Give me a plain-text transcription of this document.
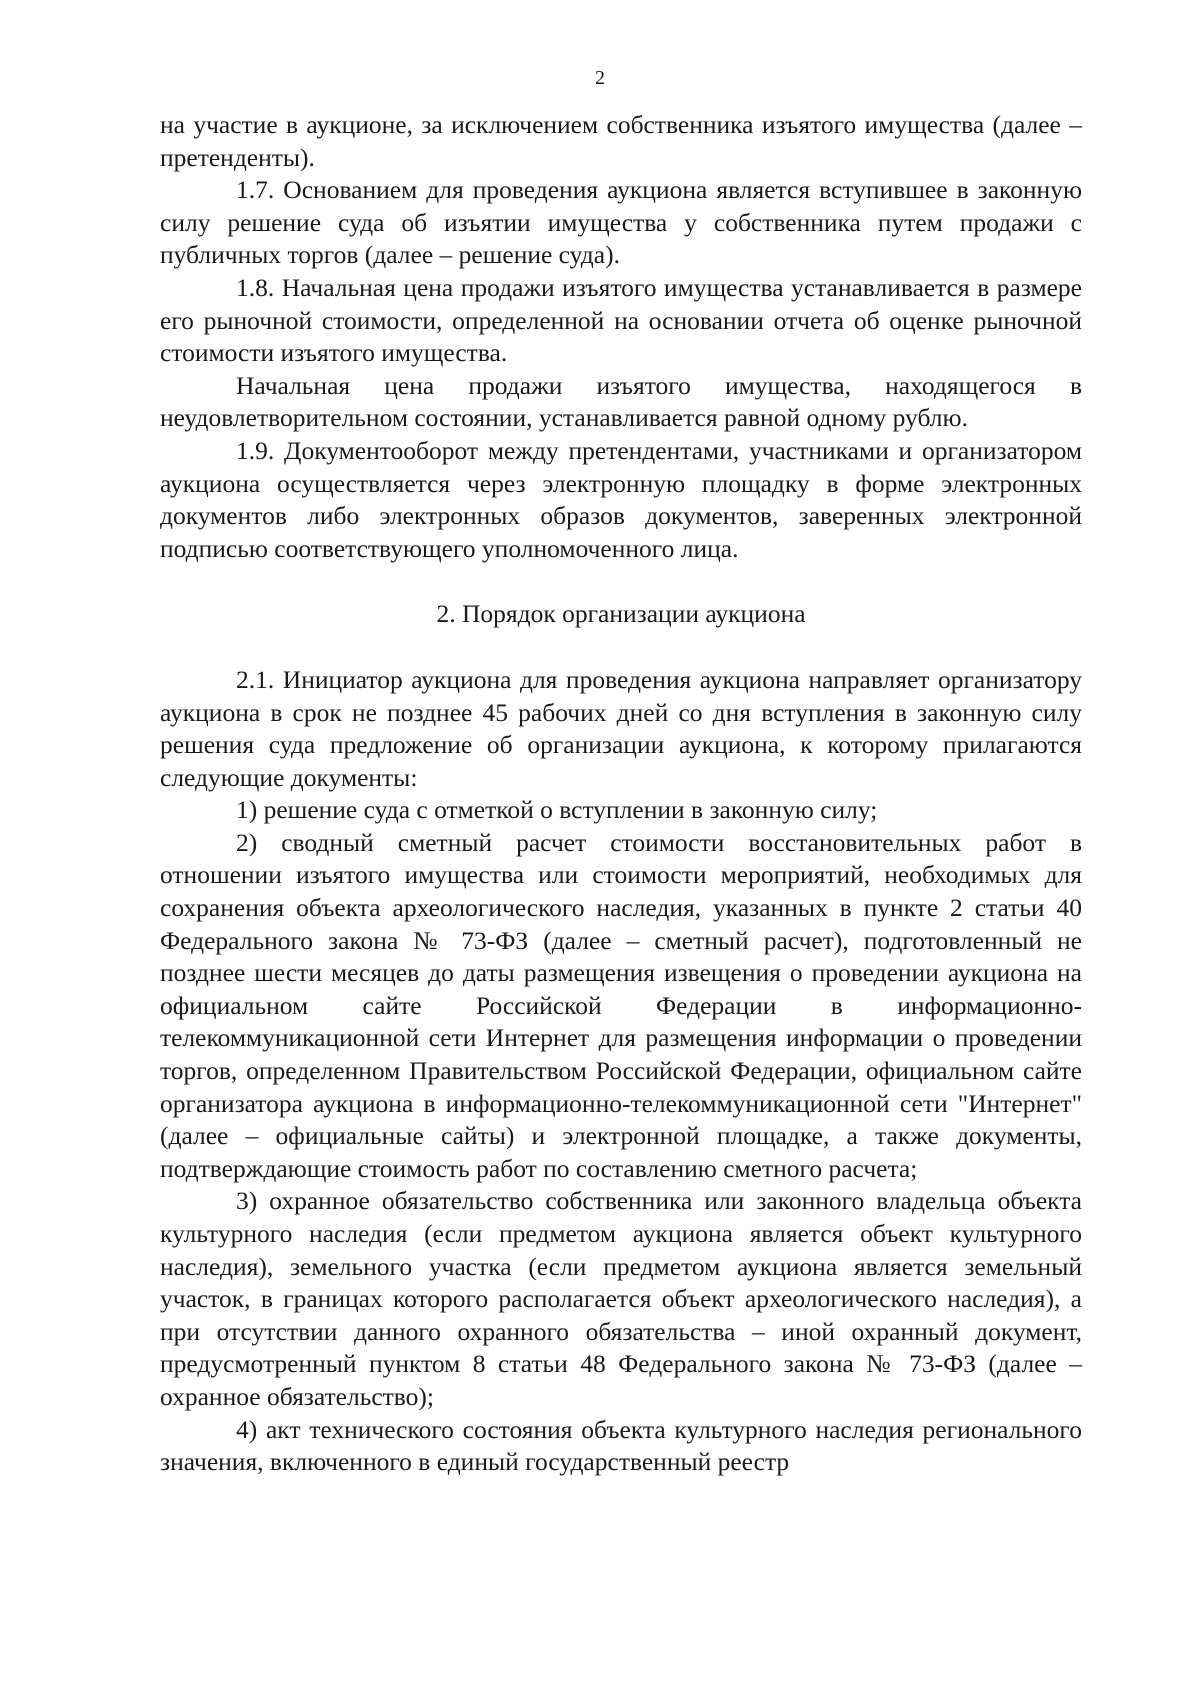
2

на участие в аукционе, за исключением собственника изъятого имущества (далее – претенденты).

1.7. Основанием для проведения аукциона является вступившее в законную силу решение суда об изъятии имущества у собственника путем продажи с публичных торгов (далее – решение суда).

1.8. Начальная цена продажи изъятого имущества устанавливается в размере его рыночной стоимости, определенной на основании отчета об оценке рыночной стоимости изъятого имущества.

Начальная цена продажи изъятого имущества, находящегося в неудовлетворительном состоянии, устанавливается равной одному рублю.

1.9. Документооборот между претендентами, участниками и организатором аукциона осуществляется через электронную площадку в форме электронных документов либо электронных образов документов, заверенных электронной подписью соответствующего уполномоченного лица.

2. Порядок организации аукциона

2.1. Инициатор аукциона для проведения аукциона направляет организатору аукциона в срок не позднее 45 рабочих дней со дня вступления в законную силу решения суда предложение об организации аукциона, к которому прилагаются следующие документы:

1) решение суда с отметкой о вступлении в законную силу;

2) сводный сметный расчет стоимости восстановительных работ в отношении изъятого имущества или стоимости мероприятий, необходимых для сохранения объекта археологического наследия, указанных в пункте 2 статьи 40 Федерального закона № 73-ФЗ (далее – сметный расчет), подготовленный не позднее шести месяцев до даты размещения извещения о проведении аукциона на официальном сайте Российской Федерации в информационно-телекоммуникационной сети Интернет для размещения информации о проведении торгов, определенном Правительством Российской Федерации, официальном сайте организатора аукциона в информационно-телекоммуникационной сети "Интернет" (далее – официальные сайты) и электронной площадке, а также документы, подтверждающие стоимость работ по составлению сметного расчета;

3) охранное обязательство собственника или законного владельца объекта культурного наследия (если предметом аукциона является объект культурного наследия), земельного участка (если предметом аукциона является земельный участок, в границах которого располагается объект археологического наследия), а при отсутствии данного охранного обязательства – иной охранный документ, предусмотренный пунктом 8 статьи 48 Федерального закона № 73-ФЗ (далее – охранное обязательство);

4) акт технического состояния объекта культурного наследия регионального значения, включенного в единый государственный реестр
